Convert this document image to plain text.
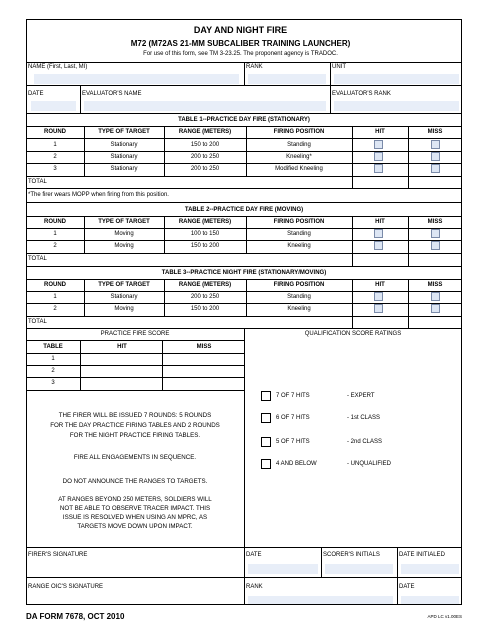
DAY AND NIGHT FIRE
M72 (M72AS 21-MM SUBCALIBER TRAINING LAUNCHER)
For use of this form, see TM 3-23.25. The proponent agency is TRADOC.
NAME (First, Last, MI)	RANK	UNIT
DATE	EVALUATOR'S NAME	EVALUATOR'S RANK
TABLE 1--PRACTICE DAY FIRE (STATIONARY)
ROUND	TYPE OF TARGET	RANGE (METERS)	FIRING POSITION	HIT	MISS
1	Stationary	150 to 200	Standing
2	Stationary	200 to 250	Kneeling*
3	Stationary	200 to 250	Modified Kneeling
TOTAL
*The firer wears MOPP when firing from this position.
TABLE 2--PRACTICE DAY FIRE (MOVING)
ROUND	TYPE OF TARGET	RANGE (METERS)	FIRING POSITION	HIT	MISS
1	Moving	100 to 150	Standing
2	Moving	150 to 200	Kneeling
TOTAL
TABLE 3--PRACTICE NIGHT FIRE (STATIONARY/MOVING)
ROUND	TYPE OF TARGET	RANGE (METERS)	FIRING POSITION	HIT	MISS
1	Stationary	200 to 250	Standing
2	Moving	150 to 200	Kneeling
TOTAL
PRACTICE FIRE SCORE	QUALIFICATION SCORE RATINGS
TABLE	HIT	MISS
1
2
3
7 OF 7 HITS	- EXPERT
6 OF 7 HITS	- 1st CLASS
5 OF 7 HITS	- 2nd CLASS
4 AND BELOW	- UNQUALIFIED
THE FIRER WILL BE ISSUED 7 ROUNDS: 5 ROUNDS
FOR THE DAY PRACTICE FIRING TABLES AND 2 ROUNDS
FOR THE NIGHT PRACTICE FIRING TABLES.
FIRE ALL ENGAGEMENTS IN SEQUENCE.
DO NOT ANNOUNCE THE RANGES TO TARGETS.
AT RANGES BEYOND 250 METERS, SOLDIERS WILL
NOT BE ABLE TO OBSERVE TRACER IMPACT. THIS
ISSUE IS RESOLVED WHEN USING AN MPRC, AS
TARGETS MOVE DOWN UPON IMPACT.
FIRER'S SIGNATURE	DATE	SCORER'S INITIALS	DATE INITIALED
RANGE OIC'S SIGNATURE	RANK	DATE
DA FORM 7678, OCT 2010	APD LC v1.00ES
